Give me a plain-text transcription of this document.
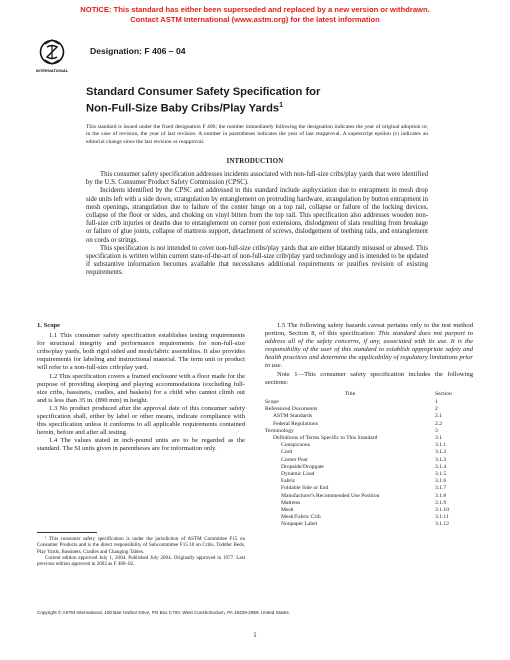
NOTICE: This standard has either been superseded and replaced by a new version or withdrawn.
Contact ASTM International (www.astm.org) for the latest information
INTERNATIONAL
Designation: F 406 – 04
Standard Consumer Safety Specification for
Non-Full-Size Baby Cribs/Play Yards$^1$
This standard is issued under the fixed designation F 406; the number immediately following the designation indicates the year of original adoption or, in the case of revision, the year of last revision. A number in parentheses indicates the year of last reapproval. A superscript epsilon (ε) indicates an editorial change since the last revision or reapproval.
INTRODUCTION

This consumer safety specification addresses incidents associated with non-full-size cribs/play yards that were identified by the U.S. Consumer Product Safety Commission (CPSC).

Incidents identified by the CPSC and addressed in this standard include asphyxiation due to entrapment in mesh drop side units left with a side down, strangulation by entanglement on protruding hardware, strangulation by button entrapment in mesh openings, strangulation due to failure of the center hinge on a top rail, collapse or failure of the locking devices, collapse of the floor or sides, and choking on vinyl bitten from the top rail. This specification also addresses wooden non-full-size crib injuries or deaths due to entanglement on corner post extensions, dislodgment of slats resulting from breakage or failure of glue joints, collapse of mattress support, detachment of screws, dislodgement of teething rails, and entanglement on cords or strings.

This specification is not intended to cover non-full-size cribs/play yards that are either blatantly misused or abused. This specification is written within current state-of-the-art of non-full-size crib/play yard technology and is intended to be updated if substantive information becomes available that necessitates additional requirements or justifies revision of existing requirements.

1. Scope

1.1 This consumer safety specification establishes testing requirements for structural integrity and performance requirements for non-full-size cribs/play yards, both rigid sided and mesh/fabric assemblies. It also provides requirements for labeling and instructional material. The term unit or product will refer to a non-full-size crib/play yard.

1.2 This specification covers a framed enclosure with a floor made for the purpose of providing sleeping and playing accommodations (excluding full-size cribs, bassinets, cradles, and baskets) for a child who cannot climb out and is less than 35 in. (890 mm) in height.

1.3 No product produced after the approval date of this consumer safety specification shall, either by label or other means, indicate compliance with this specification unless it conforms to all applicable requirements contained herein, before and after all testing.

1.4 The values stated in inch-pound units are to be regarded as the standard. The SI units given in parentheses are for information only.

¹ This consumer safety specification is under the jurisdiction of ASTM Committee F15 on Consumer Products and is the direct responsibility of Subcommittee F15.18 on Cribs, Toddler Beds, Play Yards, Bassinets, Cradles and Changing Tables.

Current edition approved July 1, 2004. Published July 2004. Originally approved in 1977. Last previous edition approved in 2002 as F 406–02.

1.5 The following safety hazards caveat pertains only to the test method portion, Section 8, of this specification: This standard does not purport to address all of the safety concerns, if any, associated with its use. It is the responsibility of the user of this standard to establish appropriate safety and health practices and determine the applicability of regulatory limitations prior to use.

Note 1—This consumer safety specification includes the following sections:

Title	Section
Scope	1
Referenced Documents	2
ASTM Standards	2.1
Federal Regulations	2.2
Terminology	3
Definitions of Terms Specific to This Standard	3.1
Conspicuous	3.1.1
Cord	3.1.2
Corner Post	3.1.3
Dropside/Dropgate	3.1.4
Dynamic Load	3.1.5
Fabric	3.1.6
Foldable Side or End	3.1.7
Manufacturer's Recommended Use Position	3.1.8
Mattress	3.1.9
Mesh	3.1.10
Mesh/Fabric Crib	3.1.11
Nonpaper Label	3.1.12
Copyright © ASTM International, 100 Barr Harbor Drive, PO Box C700, West Conshohocken, PA 19428-2959, United States.
1
